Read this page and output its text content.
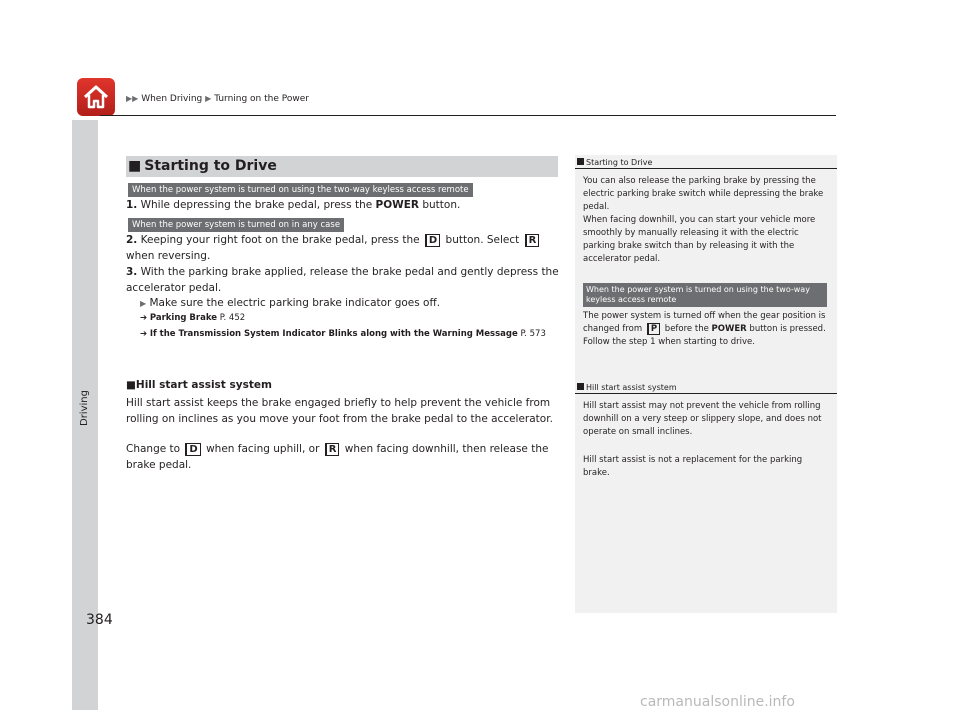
▶▶ When Driving ▶ Turning on the Power
Driving
■ Starting to Drive
When the power system is turned on using the two-way keyless access remote
1. While depressing the brake pedal, press the POWER button.
When the power system is turned on in any case
2. Keeping your right foot on the brake pedal, press the D button. Select R when reversing.
3. With the parking brake applied, release the brake pedal and gently depress the accelerator pedal.
▶ Make sure the electric parking brake indicator goes off.
➔ Parking Brake P. 452
➔ If the Transmission System Indicator Blinks along with the Warning Message P. 573
■Hill start assist system
Hill start assist keeps the brake engaged briefly to help prevent the vehicle from rolling on inclines as you move your foot from the brake pedal to the accelerator.
Change to D when facing uphill, or R when facing downhill, then release the brake pedal.
Starting to Drive
You can also release the parking brake by pressing the electric parking brake switch while depressing the brake pedal.
When facing downhill, you can start your vehicle more smoothly by manually releasing it with the electric parking brake switch than by releasing it with the accelerator pedal.
When the power system is turned on using the two-way keyless access remote
The power system is turned off when the gear position is changed from P before the POWER button is pressed. Follow the step 1 when starting to drive.
Hill start assist system
Hill start assist may not prevent the vehicle from rolling downhill on a very steep or slippery slope, and does not operate on small inclines.
Hill start assist is not a replacement for the parking brake.
384
carmanualsonline.info
